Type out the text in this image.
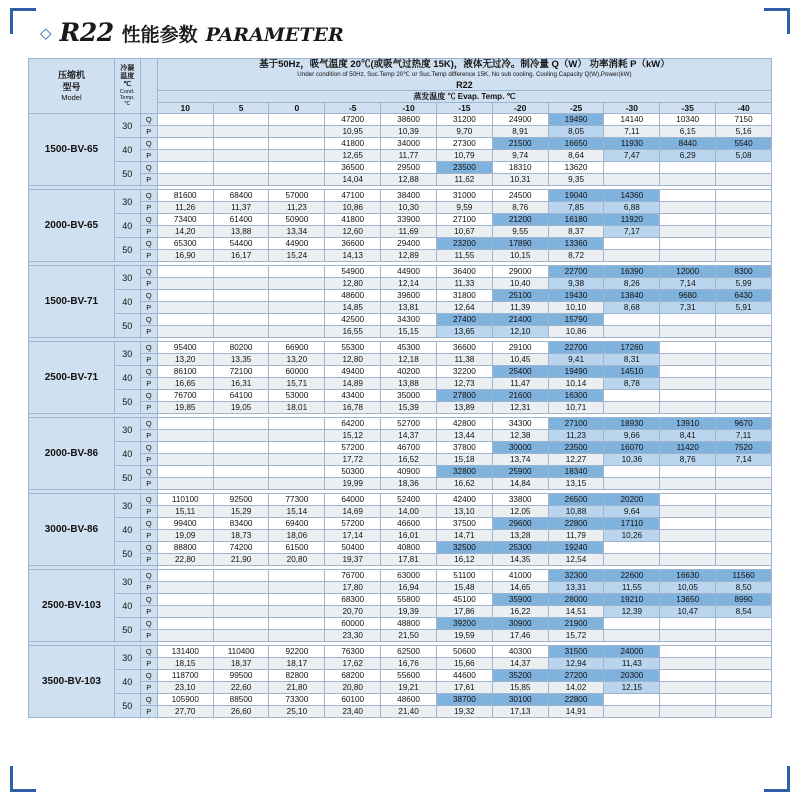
◇ R22 性能参数 PARAMETER
压缩机
型号
Model

冷凝
温度
℃
Cond.
Temp.
℃

基于50Hz，吸气温度 20℃(或吸气过热度 15K)，液体无过冷。制冷量 Q（W） 功率消耗 P（kW）
Under condition of 50Hz, Suc.Temp 20℃ or Suc.Temp difference 15K, No sub cooling. Cooling Capacity Q(W),Power(kW)
R22

			蒸发温度 ℃ Evap. Temp. ℃										
			10	5	0	-5	-10	-15	-20	-25	-30	-35	-40
1500-BV-65	30	Q				47200	38600	31200	24900	19490	14140	10340	7150
		P				10,95	10,39	9,70	8,91	8,05	7,11	6,15	5,16
	40	Q				41800	34000	27300	21500	16650	11930	8440	5540
		P				12,65	11,77	10,79	9,74	8,64	7,47	6,29	5,08
	50	Q				36500	29500	23500	18310	13620			
		P				14,04	12,88	11,62	10,31	9,35			

2000-BV-65	30	Q	81600	68400	57000	47100	38400	31000	24500	19040	14360		
		P	11,26	11,37	11,23	10,86	10,30	9,59	8,76	7,85	6,88		
	40	Q	73400	61400	50900	41800	33900	27100	21200	16180	11920		
		P	14,20	13,88	13,34	12,60	11,69	10,67	9,55	8,37	7,17		
	50	Q	65300	54400	44900	36600	29400	23200	17890	13360			
		P	16,90	16,17	15,24	14,13	12,89	11,55	10,15	8,72			

1500-BV-71	30	Q				54900	44900	36400	29000	22700	16390	12000	8300
		P				12,80	12,14	11,33	10,40	9,38	8,26	7,14	5,99
	40	Q				48600	39600	31800	25100	19430	13840	9680	6430
		P				14,85	13,81	12,64	11,39	10,10	8,68	7,31	5,91
	50	Q				42500	34300	27400	21400	15790			
		P				16,55	15,15	13,65	12,10	10,86			

2500-BV-71	30	Q	95400	80200	66900	55300	45300	36600	29100	22700	17260		
		P	13,20	13,35	13,20	12,80	12,18	11,38	10,45	9,41	8,31		
	40	Q	86100	72100	60000	49400	40200	32200	25400	19490	14510		
		P	16,65	16,31	15,71	14,89	13,88	12,73	11,47	10,14	8,78		
	50	Q	76700	64100	53000	43400	35000	27800	21600	16300			
		P	19,85	19,05	18,01	16,78	15,39	13,89	12,31	10,71			

2000-BV-86	30	Q				64200	52700	42800	34300	27100	18930	13910	9670
		P				15,12	14,37	13,44	12,38	11,23	9,66	8,41	7,11
	40	Q				57200	46700	37800	30000	23500	16070	11420	7520
		P				17,72	16,52	15,18	13,74	12,27	10,36	8,76	7,14
	50	Q				50300	40900	32800	25900	18340			
		P				19,99	18,36	16,62	14,84	13,15			

3000-BV-86	30	Q	110100	92500	77300	64000	52400	42400	33800	26500	20200		
		P	15,11	15,29	15,14	14,69	14,00	13,10	12,05	10,88	9,64		
	40	Q	99400	83400	69400	57200	46600	37500	29600	22800	17110		
		P	19,09	18,73	18,06	17,14	16,01	14,71	13,28	11,79	10,26		
	50	Q	88800	74200	61500	50400	40800	32500	25300	19240			
		P	22,80	21,90	20,80	19,37	17,81	16,12	14,35	12,54			

2500-BV-103	30	Q				76700	63000	51100	41000	32300	22600	16630	11560
		P				17,80	16,94	15,48	14,65	13,31	11,55	10,05	8,50
	40	Q				68300	55800	45100	35900	28000	19210	13650	8990
		P				20,70	19,39	17,86	16,22	14,51	12,39	10,47	8,54
	50	Q				60000	48800	39200	30900	21900			
		P				23,30	21,50	19,59	17,46	15,72			

3500-BV-103	30	Q	131400	110400	92200	76300	62500	50600	40300	31500	24000		
		P	18,15	18,37	18,17	17,62	16,76	15,66	14,37	12,94	11,43		
	40	Q	118700	99500	82800	68200	55600	44600	35200	27200	20300		
		P	23,10	22,60	21,80	20,80	19,21	17,61	15,85	14,02	12,15		
	50	Q	105900	88500	73300	60100	48600	38700	30100	22800			
		P	27,70	26,60	25,10	23,40	21,40	19,32	17,13	14,91			
